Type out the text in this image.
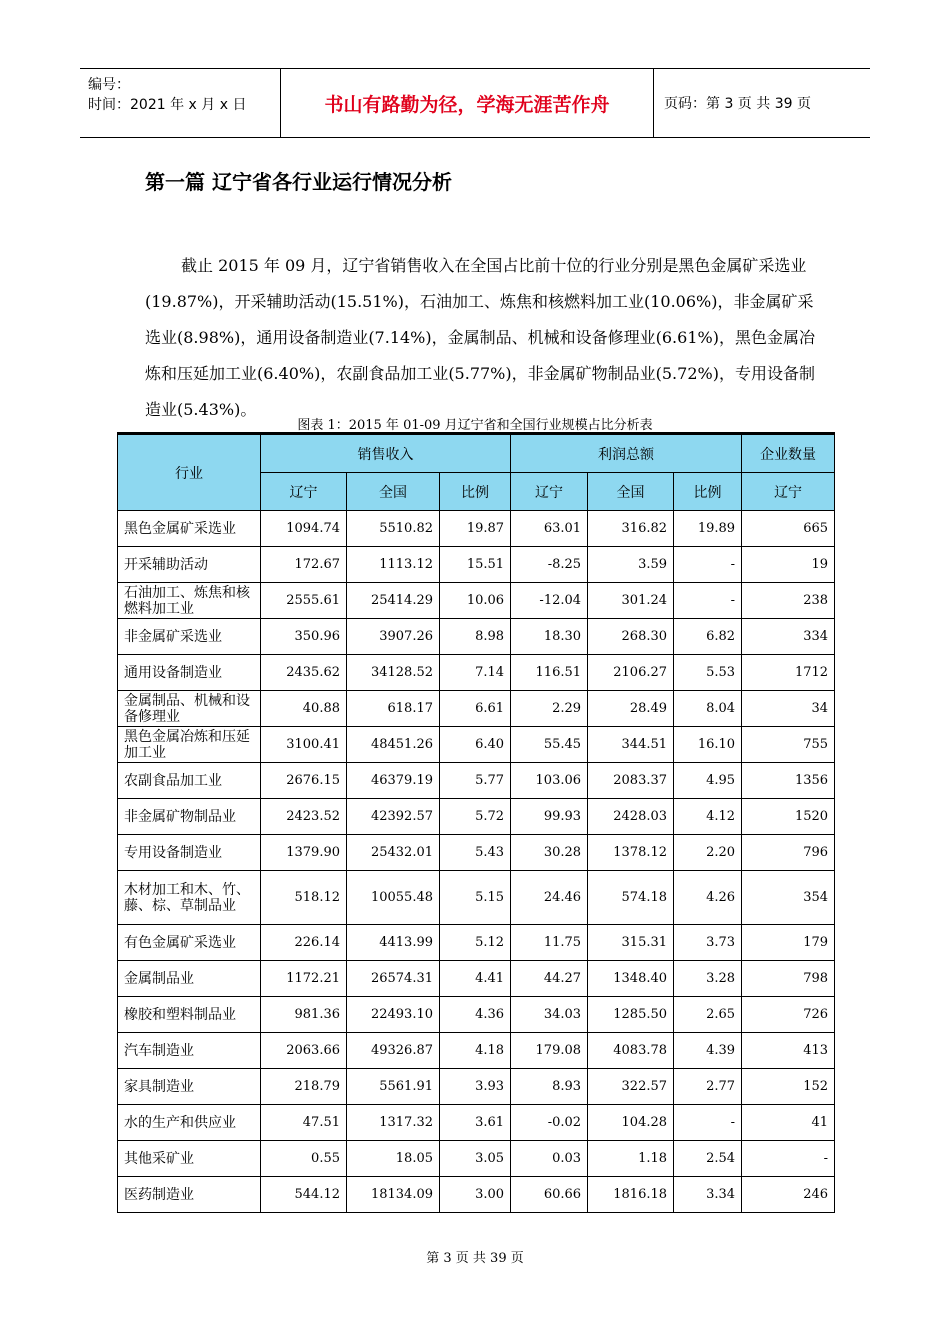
编号：
时间：2021 年 x 月 x 日	书山有路勤为径，学海无涯苦作舟	页码：第 3 页 共 39 页
第一篇 辽宁省各行业运行情况分析
截止 2015 年 09 月，辽宁省销售收入在全国占比前十位的行业分别是黑色金属矿采选业(19.87%)，开采辅助活动(15.51%)，石油加工、炼焦和核燃料加工业(10.06%)，非金属矿采选业(8.98%)，通用设备制造业(7.14%)，金属制品、机械和设备修理业(6.61%)，黑色金属冶炼和压延加工业(6.40%)，农副食品加工业(5.77%)，非金属矿物制品业(5.72%)，专用设备制造业(5.43%)。
图表 1：2015 年 01-09 月辽宁省和全国行业规模占比分析表
行业	销售收入			利润总额			企业数量
	辽宁	全国	比例	辽宁	全国	比例	辽宁
黑色金属矿采选业	1094.74	5510.82	19.87	63.01	316.82	19.89	665
开采辅助活动	172.67	1113.12	15.51	-8.25	3.59	-	19
石油加工、炼焦和核燃料加工业	2555.61	25414.29	10.06	-12.04	301.24	-	238
非金属矿采选业	350.96	3907.26	8.98	18.30	268.30	6.82	334
通用设备制造业	2435.62	34128.52	7.14	116.51	2106.27	5.53	1712
金属制品、机械和设备修理业	40.88	618.17	6.61	2.29	28.49	8.04	34
黑色金属冶炼和压延加工业	3100.41	48451.26	6.40	55.45	344.51	16.10	755
农副食品加工业	2676.15	46379.19	5.77	103.06	2083.37	4.95	1356
非金属矿物制品业	2423.52	42392.57	5.72	99.93	2428.03	4.12	1520
专用设备制造业	1379.90	25432.01	5.43	30.28	1378.12	2.20	796
木材加工和木、竹、藤、棕、草制品业	518.12	10055.48	5.15	24.46	574.18	4.26	354
有色金属矿采选业	226.14	4413.99	5.12	11.75	315.31	3.73	179
金属制品业	1172.21	26574.31	4.41	44.27	1348.40	3.28	798
橡胶和塑料制品业	981.36	22493.10	4.36	34.03	1285.50	2.65	726
汽车制造业	2063.66	49326.87	4.18	179.08	4083.78	4.39	413
家具制造业	218.79	5561.91	3.93	8.93	322.57	2.77	152
水的生产和供应业	47.51	1317.32	3.61	-0.02	104.28	-	41
其他采矿业	0.55	18.05	3.05	0.03	1.18	2.54	-
医药制造业	544.12	18134.09	3.00	60.66	1816.18	3.34	246
第 3 页 共 39 页
